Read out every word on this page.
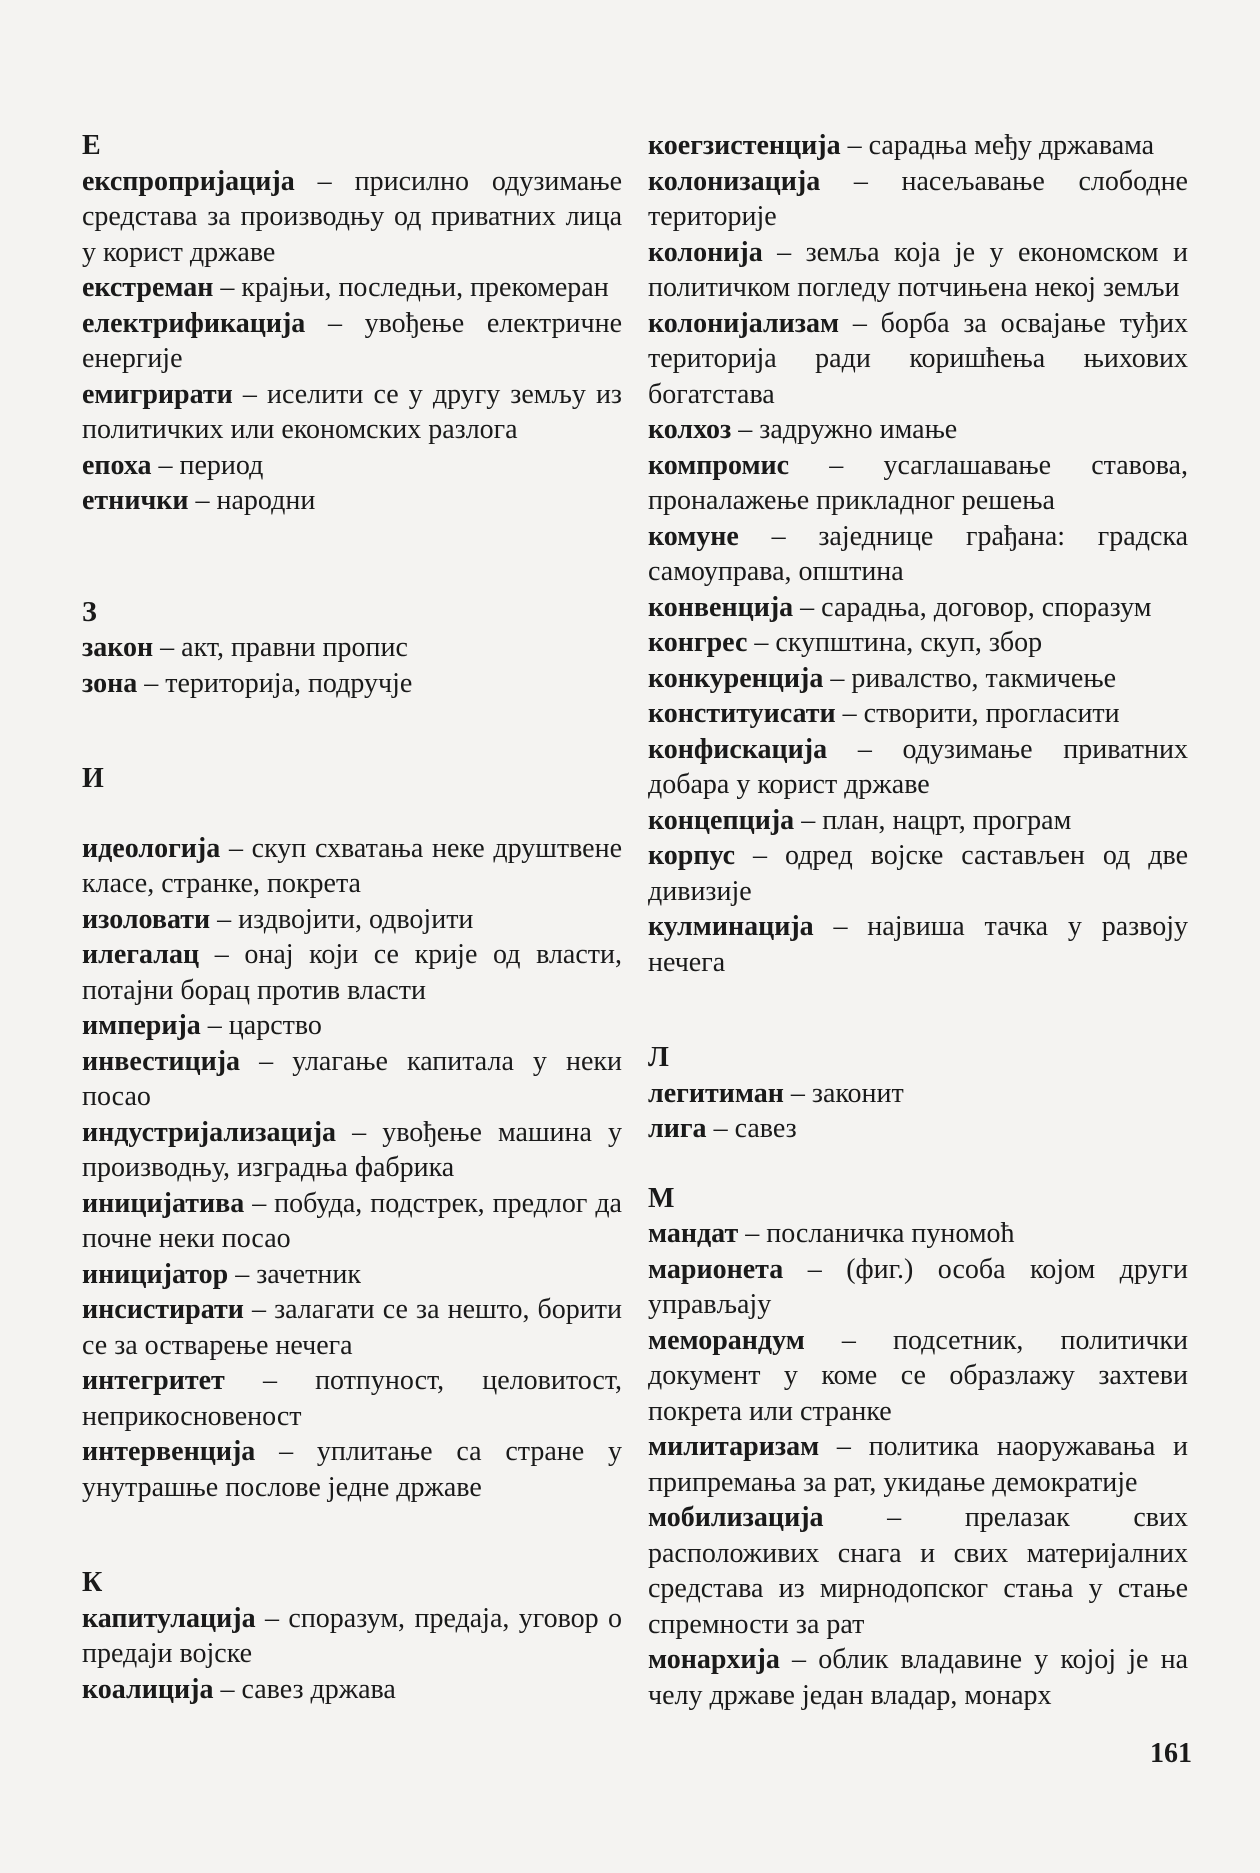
Е

експропријација – присилно одузимање средстава за производњу од приватних лица у корист државе

екстреман – крајњи, последњи, прекомеран

електрификација – увођење електричне енергије

емигрирати – иселити се у другу земљу из политичких или економских разлога

епоха – период

етнички – народни

З

закон – акт, правни пропис

зона – територија, подручје

И

идеологија – скуп схватања неке друштвене класе, странке, покрета

изоловати – издвојити, одвојити

илегалац – онај који се крије од власти, потајни борац против власти

империја – царство

инвестиција – улагање капитала у неки посао

индустријализација – увођење машина у производњу, изградња фабрика

иницијатива – побуда, подстрек, предлог да почне неки посао

иницијатор – зачетник

инсистирати – залагати се за нешто, борити се за остварење нечега

интегритет – потпуност, целовитост, неприкосновеност

интервенција – уплитање са стране у унутрашње послове једне државе

К

капитулација – споразум, предаја, уговор о предаји војске

коалиција – савез држава

коегзистенција – сарадња међу државама

колонизација – насељавање слободне територије

колонија – земља која је у економском и политичком погледу потчињена некој земљи

колонијализам – борба за освајање туђих територија ради коришћења њихових богатстава

колхоз – задружно имање

компромис – усаглашавање ставова, проналажење прикладног решења

комуне – заједнице грађана: градска самоуправа, општина

конвенција – сарадња, договор, споразум

конгрес – скупштина, скуп, збор

конкуренција – ривалство, такмичење

конституисати – створити, прогласити

конфискација – одузимање приватних добара у корист државе

концепција – план, нацрт, програм

корпус – одред војске састављен од две дивизије

кулминација – највиша тачка у развоју нечега

Л

легитиман – законит

лига – савез

М

мандат – посланичка пуномоћ

марионета – (фиг.) особа којом други управљају

меморандум – подсетник, политички документ у коме се образлажу захтеви покрета или странке

милитаризам – политика наоружавања и припремања за рат, укидање демократије

мобилизација – прелазак свих расположивих снага и свих материјалних средстава из мирнодопског стања у стање спремности за рат

монархија – облик владавине у којој је на челу државе један владар, монарх

161
